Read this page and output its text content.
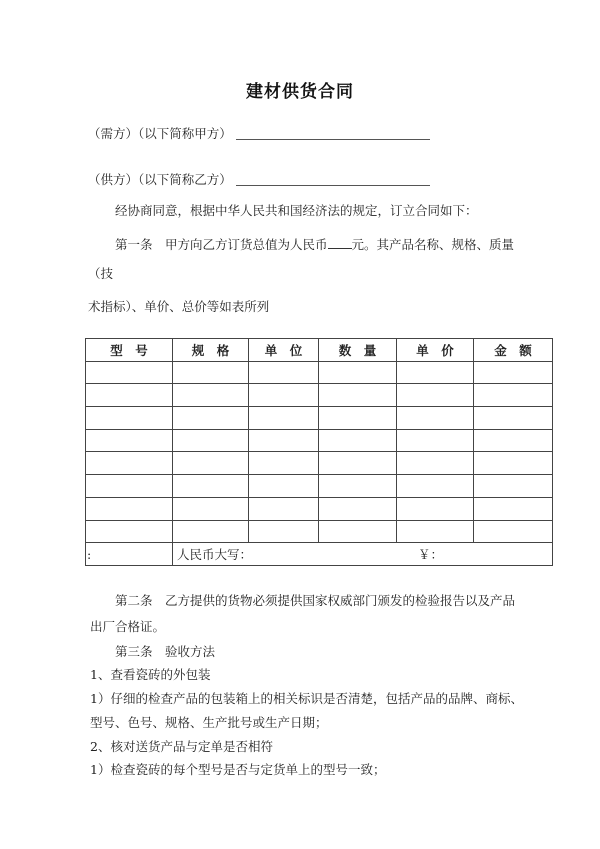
建材供货合同
（需方）（以下简称甲方）
（供方）（以下简称乙方）
经协商同意，根据中华人民共和国经济法的规定，订立合同如下：
第一条　甲方向乙方订货总值为人民币 元。其产品名称、规格、质量
（技
术指标）、单价、总价等如表所列
型　号	规　格	单　位	数　量	单　价	金　额

:	人民币大写： ￥：				
第二条　乙方提供的货物必须提供国家权威部门颁发的检验报告以及产品
出厂合格证。
第三条　验收方法
1、查看瓷砖的外包装
1）仔细的检查产品的包装箱上的相关标识是否清楚，包括产品的品牌、商标、
型号、色号、规格、生产批号或生产日期；
2、核对送货产品与定单是否相符
1）检查瓷砖的每个型号是否与定货单上的型号一致；
